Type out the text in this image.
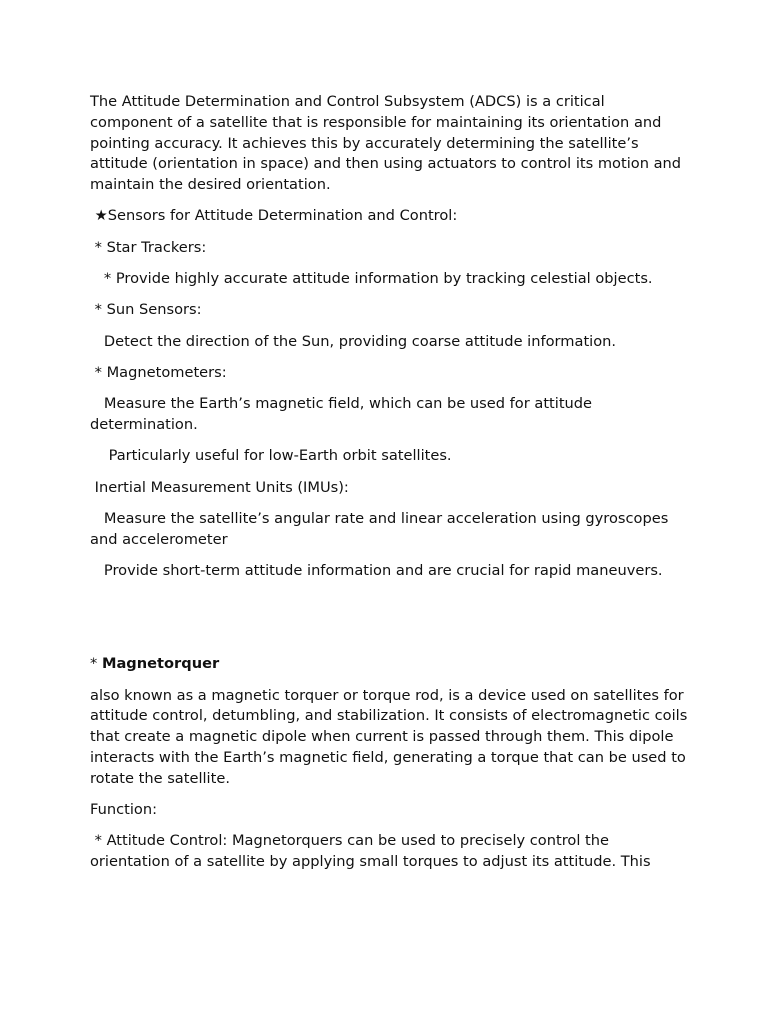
The Attitude Determination and Control Subsystem (ADCS) is a critical component of a satellite that is responsible for maintaining its orientation and pointing accuracy. It achieves this by accurately determining the satellite’s attitude (orientation in space) and then using actuators to control its motion and maintain the desired orientation.

★Sensors for Attitude Determination and Control:

* Star Trackers:

* Provide highly accurate attitude information by tracking celestial objects.

* Sun Sensors:

Detect the direction of the Sun, providing coarse attitude information.

* Magnetometers:

Measure the Earth’s magnetic field, which can be used for attitude determination.

Particularly useful for low-Earth orbit satellites.

Inertial Measurement Units (IMUs):

Measure the satellite’s angular rate and linear acceleration using gyroscopes and accelerometer

Provide short-term attitude information and are crucial for rapid maneuvers.

* Magnetorquer

also known as a magnetic torquer or torque rod, is a device used on satellites for attitude control, detumbling, and stabilization. It consists of electromagnetic coils that create a magnetic dipole when current is passed through them. This dipole interacts with the Earth’s magnetic field, generating a torque that can be used to rotate the satellite.

Function:

* Attitude Control: Magnetorquers can be used to precisely control the orientation of a satellite by applying small torques to adjust its attitude. This
